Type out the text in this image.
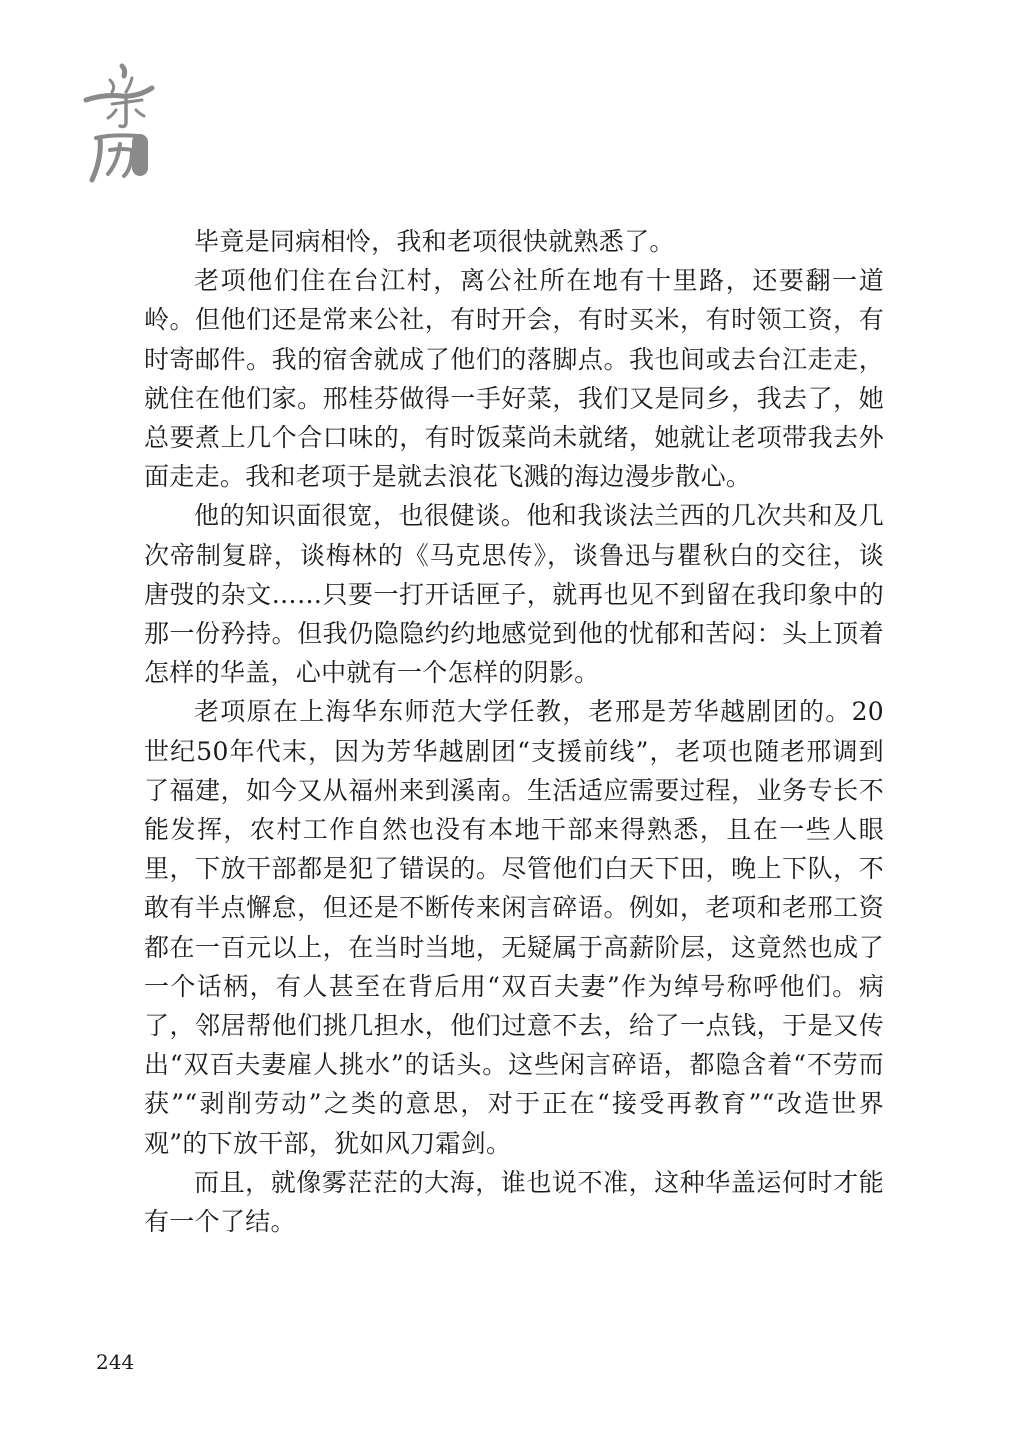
毕竟是同病相怜，我和老项很快就熟悉了。

老项他们住在台江村，离公社所在地有十里路，还要翻一道岭。但他们还是常来公社，有时开会，有时买米，有时领工资，有时寄邮件。我的宿舍就成了他们的落脚点。我也间或去台江走走，就住在他们家。邢桂芬做得一手好菜，我们又是同乡，我去了，她总要煮上几个合口味的，有时饭菜尚未就绪，她就让老项带我去外面走走。我和老项于是就去浪花飞溅的海边漫步散心。

他的知识面很宽，也很健谈。他和我谈法兰西的几次共和及几次帝制复辟，谈梅林的《马克思传》，谈鲁迅与瞿秋白的交往，谈唐弢的杂文……只要一打开话匣子，就再也见不到留在我印象中的那一份矜持。但我仍隐隐约约地感觉到他的忧郁和苦闷：头上顶着怎样的华盖，心中就有一个怎样的阴影。

老项原在上海华东师范大学任教，老邢是芳华越剧团的。20世纪50年代末，因为芳华越剧团“支援前线”，老项也随老邢调到了福建，如今又从福州来到溪南。生活适应需要过程，业务专长不能发挥，农村工作自然也没有本地干部来得熟悉，且在一些人眼里，下放干部都是犯了错误的。尽管他们白天下田，晚上下队，不敢有半点懈怠，但还是不断传来闲言碎语。例如，老项和老邢工资都在一百元以上，在当时当地，无疑属于高薪阶层，这竟然也成了一个话柄，有人甚至在背后用“双百夫妻”作为绰号称呼他们。病了，邻居帮他们挑几担水，他们过意不去，给了一点钱，于是又传出“双百夫妻雇人挑水”的话头。这些闲言碎语，都隐含着“不劳而获”“剥削劳动”之类的意思，对于正在“接受再教育”“改造世界观”的下放干部，犹如风刀霜剑。

而且，就像雾茫茫的大海，谁也说不准，这种华盖运何时才能有一个了结。

244
